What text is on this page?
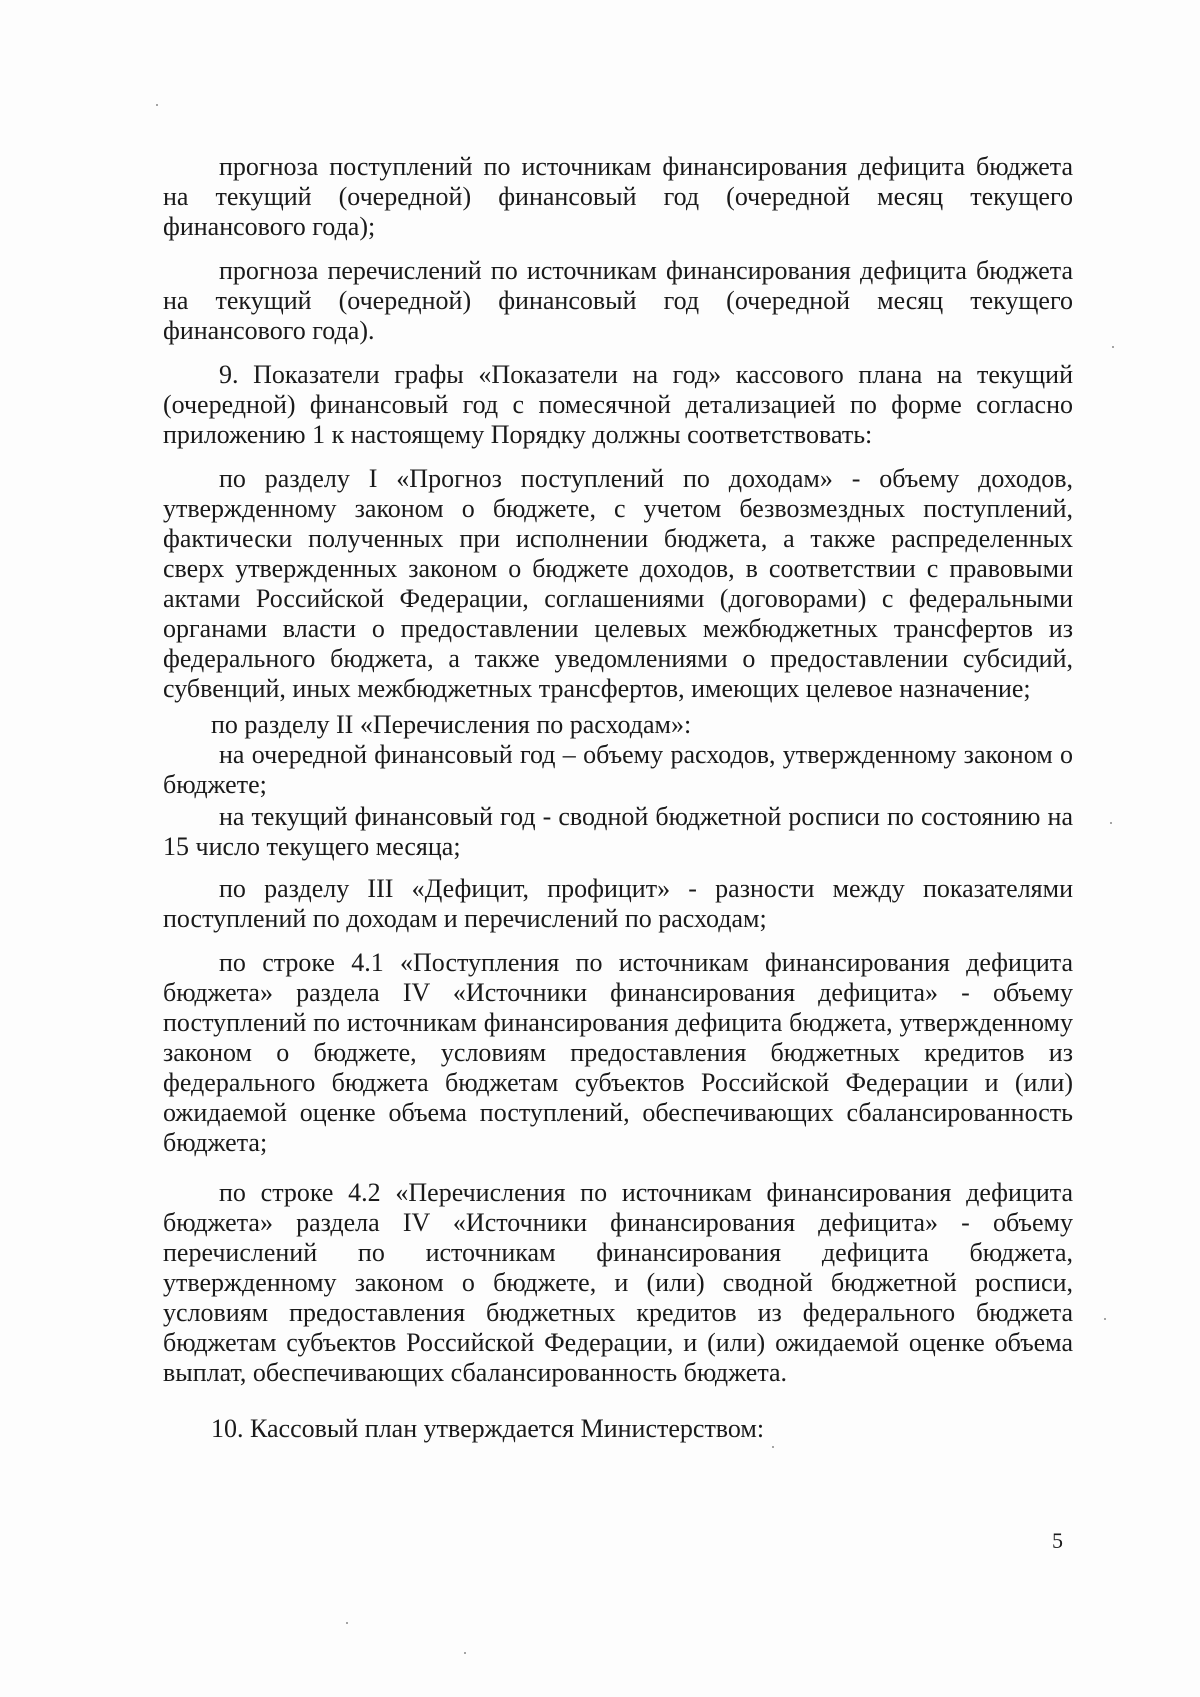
прогноза поступлений по источникам финансирования дефицита бюджета на текущий (очередной) финансовый год (очередной месяц текущего финансового года);

прогноза перечислений по источникам финансирования дефицита бюджета на текущий (очередной) финансовый год (очередной месяц текущего финансового года).

9. Показатели графы «Показатели на год» кассового плана на текущий (очередной) финансовый год с помесячной детализацией по форме согласно приложению 1 к настоящему Порядку должны соответствовать:

по разделу I «Прогноз поступлений по доходам» - объему доходов, утвержденному законом о бюджете, с учетом безвозмездных поступлений, фактически полученных при исполнении бюджета, а также распределенных сверх утвержденных законом о бюджете доходов, в соответствии с правовыми актами Российской Федерации, соглашениями (договорами) с федеральными органами власти о предоставлении целевых межбюджетных трансфертов из федерального бюджета, а также уведомлениями о предоставлении субсидий, субвенций, иных межбюджетных трансфертов, имеющих целевое назначение;

по разделу II «Перечисления по расходам»:

на очередной финансовый год – объему расходов, утвержденному законом о бюджете;

на текущий финансовый год - сводной бюджетной росписи по состоянию на 15 число текущего месяца;

по разделу III «Дефицит, профицит» - разности между показателями поступлений по доходам и перечислений по расходам;

по строке 4.1 «Поступления по источникам финансирования дефицита бюджета» раздела IV «Источники финансирования дефицита» - объему поступлений по источникам финансирования дефицита бюджета, утвержденному законом о бюджете, условиям предоставления бюджетных кредитов из федерального бюджета бюджетам субъектов Российской Федерации и (или) ожидаемой оценке объема поступлений, обеспечивающих сбалансированность бюджета;

по строке 4.2 «Перечисления по источникам финансирования дефицита бюджета» раздела IV «Источники финансирования дефицита» - объему перечислений по источникам финансирования дефицита бюджета, утвержденному законом о бюджете, и (или) сводной бюджетной росписи, условиям предоставления бюджетных кредитов из федерального бюджета бюджетам субъектов Российской Федерации, и (или) ожидаемой оценке объема выплат, обеспечивающих сбалансированность бюджета.

10. Кассовый план утверждается Министерством:

5
